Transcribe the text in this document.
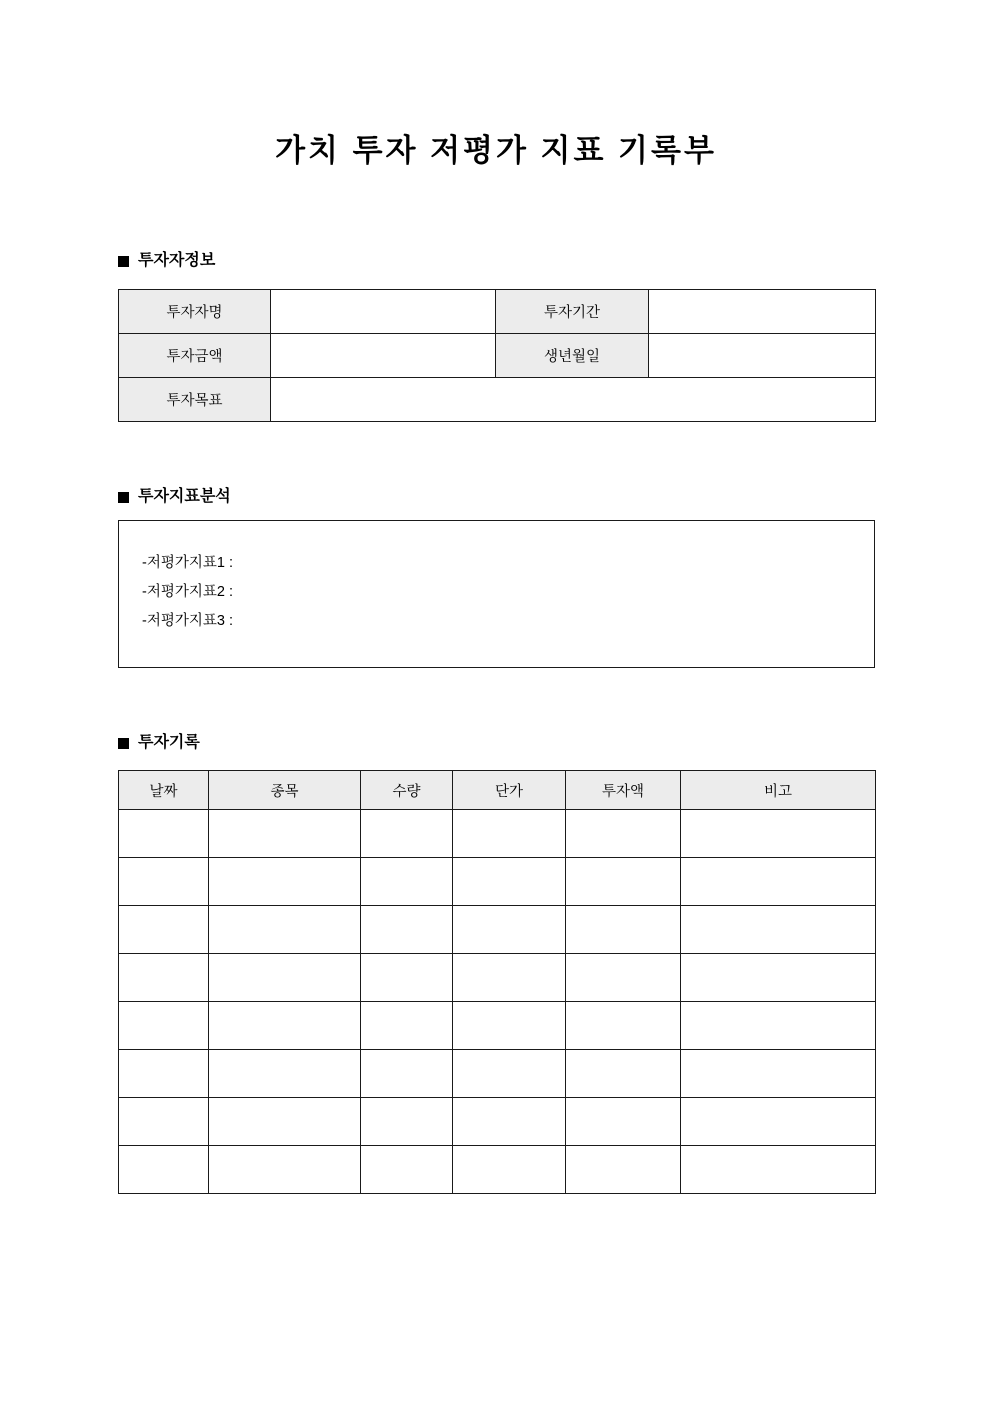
가치 투자 저평가 지표 기록부
투자자정보
투자자명		투자기간	
투자금액		생년월일	
투자목표			
투자지표분석
-저평가지표1 :
-저평가지표2 :
-저평가지표3 :
투자기록
날짜	종목	수량	단가	투자액	비고
